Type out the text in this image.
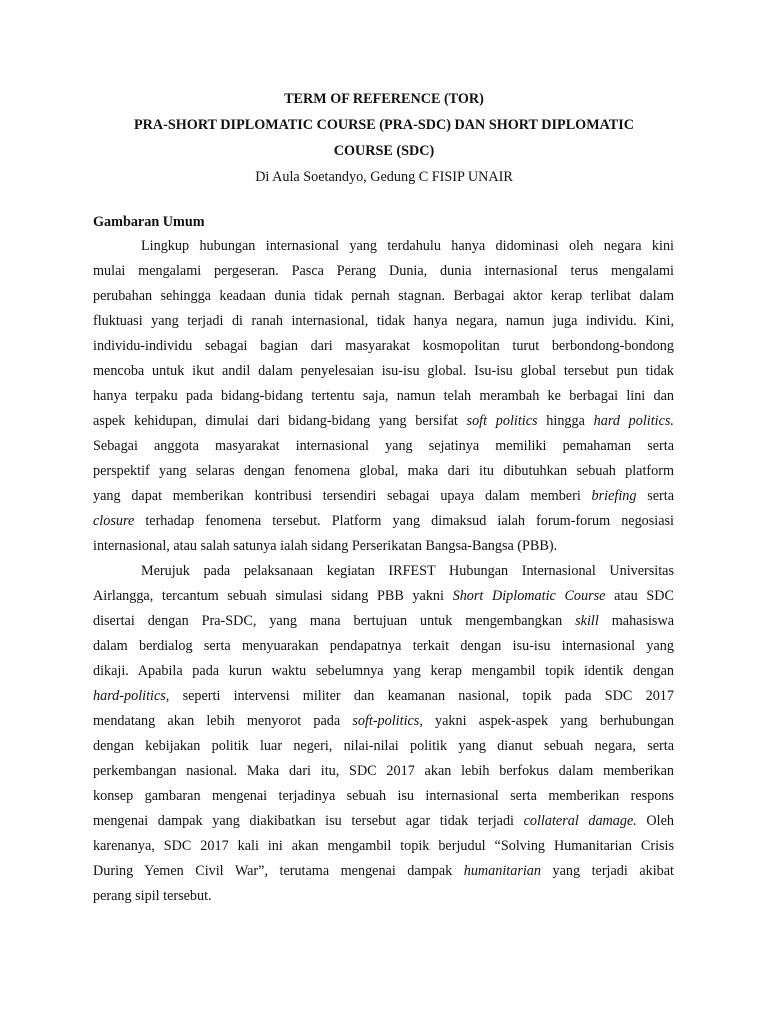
TERM OF REFERENCE (TOR)
PRA-SHORT DIPLOMATIC COURSE (PRA-SDC) DAN SHORT DIPLOMATIC
COURSE (SDC)
Di Aula Soetandyo, Gedung C FISIP UNAIR
Gambaran Umum
Lingkup hubungan internasional yang terdahulu hanya didominasi oleh negara kini
mulai mengalami pergeseran. Pasca Perang Dunia, dunia internasional terus mengalami
perubahan sehingga keadaan dunia tidak pernah stagnan. Berbagai aktor kerap terlibat dalam
fluktuasi yang terjadi di ranah internasional, tidak hanya negara, namun juga individu. Kini,
individu-individu sebagai bagian dari masyarakat kosmopolitan turut berbondong-bondong
mencoba untuk ikut andil dalam penyelesaian isu-isu global. Isu-isu global tersebut pun tidak
hanya terpaku pada bidang-bidang tertentu saja, namun telah merambah ke berbagai lini dan
aspek kehidupan, dimulai dari bidang-bidang yang bersifat soft politics hingga hard politics.
Sebagai anggota masyarakat internasional yang sejatinya memiliki pemahaman serta
perspektif yang selaras dengan fenomena global, maka dari itu dibutuhkan sebuah platform
yang dapat memberikan kontribusi tersendiri sebagai upaya dalam memberi briefing serta
closure terhadap fenomena tersebut. Platform yang dimaksud ialah forum-forum negosiasi
internasional, atau salah satunya ialah sidang Perserikatan Bangsa-Bangsa (PBB).
Merujuk pada pelaksanaan kegiatan IRFEST Hubungan Internasional Universitas
Airlangga, tercantum sebuah simulasi sidang PBB yakni Short Diplomatic Course atau SDC
disertai dengan Pra-SDC, yang mana bertujuan untuk mengembangkan skill mahasiswa
dalam berdialog serta menyuarakan pendapatnya terkait dengan isu-isu internasional yang
dikaji. Apabila pada kurun waktu sebelumnya yang kerap mengambil topik identik dengan
hard-politics, seperti intervensi militer dan keamanan nasional, topik pada SDC 2017
mendatang akan lebih menyorot pada soft-politics, yakni aspek-aspek yang berhubungan
dengan kebijakan politik luar negeri, nilai-nilai politik yang dianut sebuah negara, serta
perkembangan nasional. Maka dari itu, SDC 2017 akan lebih berfokus dalam memberikan
konsep gambaran mengenai terjadinya sebuah isu internasional serta memberikan respons
mengenai dampak yang diakibatkan isu tersebut agar tidak terjadi collateral damage. Oleh
karenanya, SDC 2017 kali ini akan mengambil topik berjudul “Solving Humanitarian Crisis
During Yemen Civil War”, terutama mengenai dampak humanitarian yang terjadi akibat
perang sipil tersebut.
